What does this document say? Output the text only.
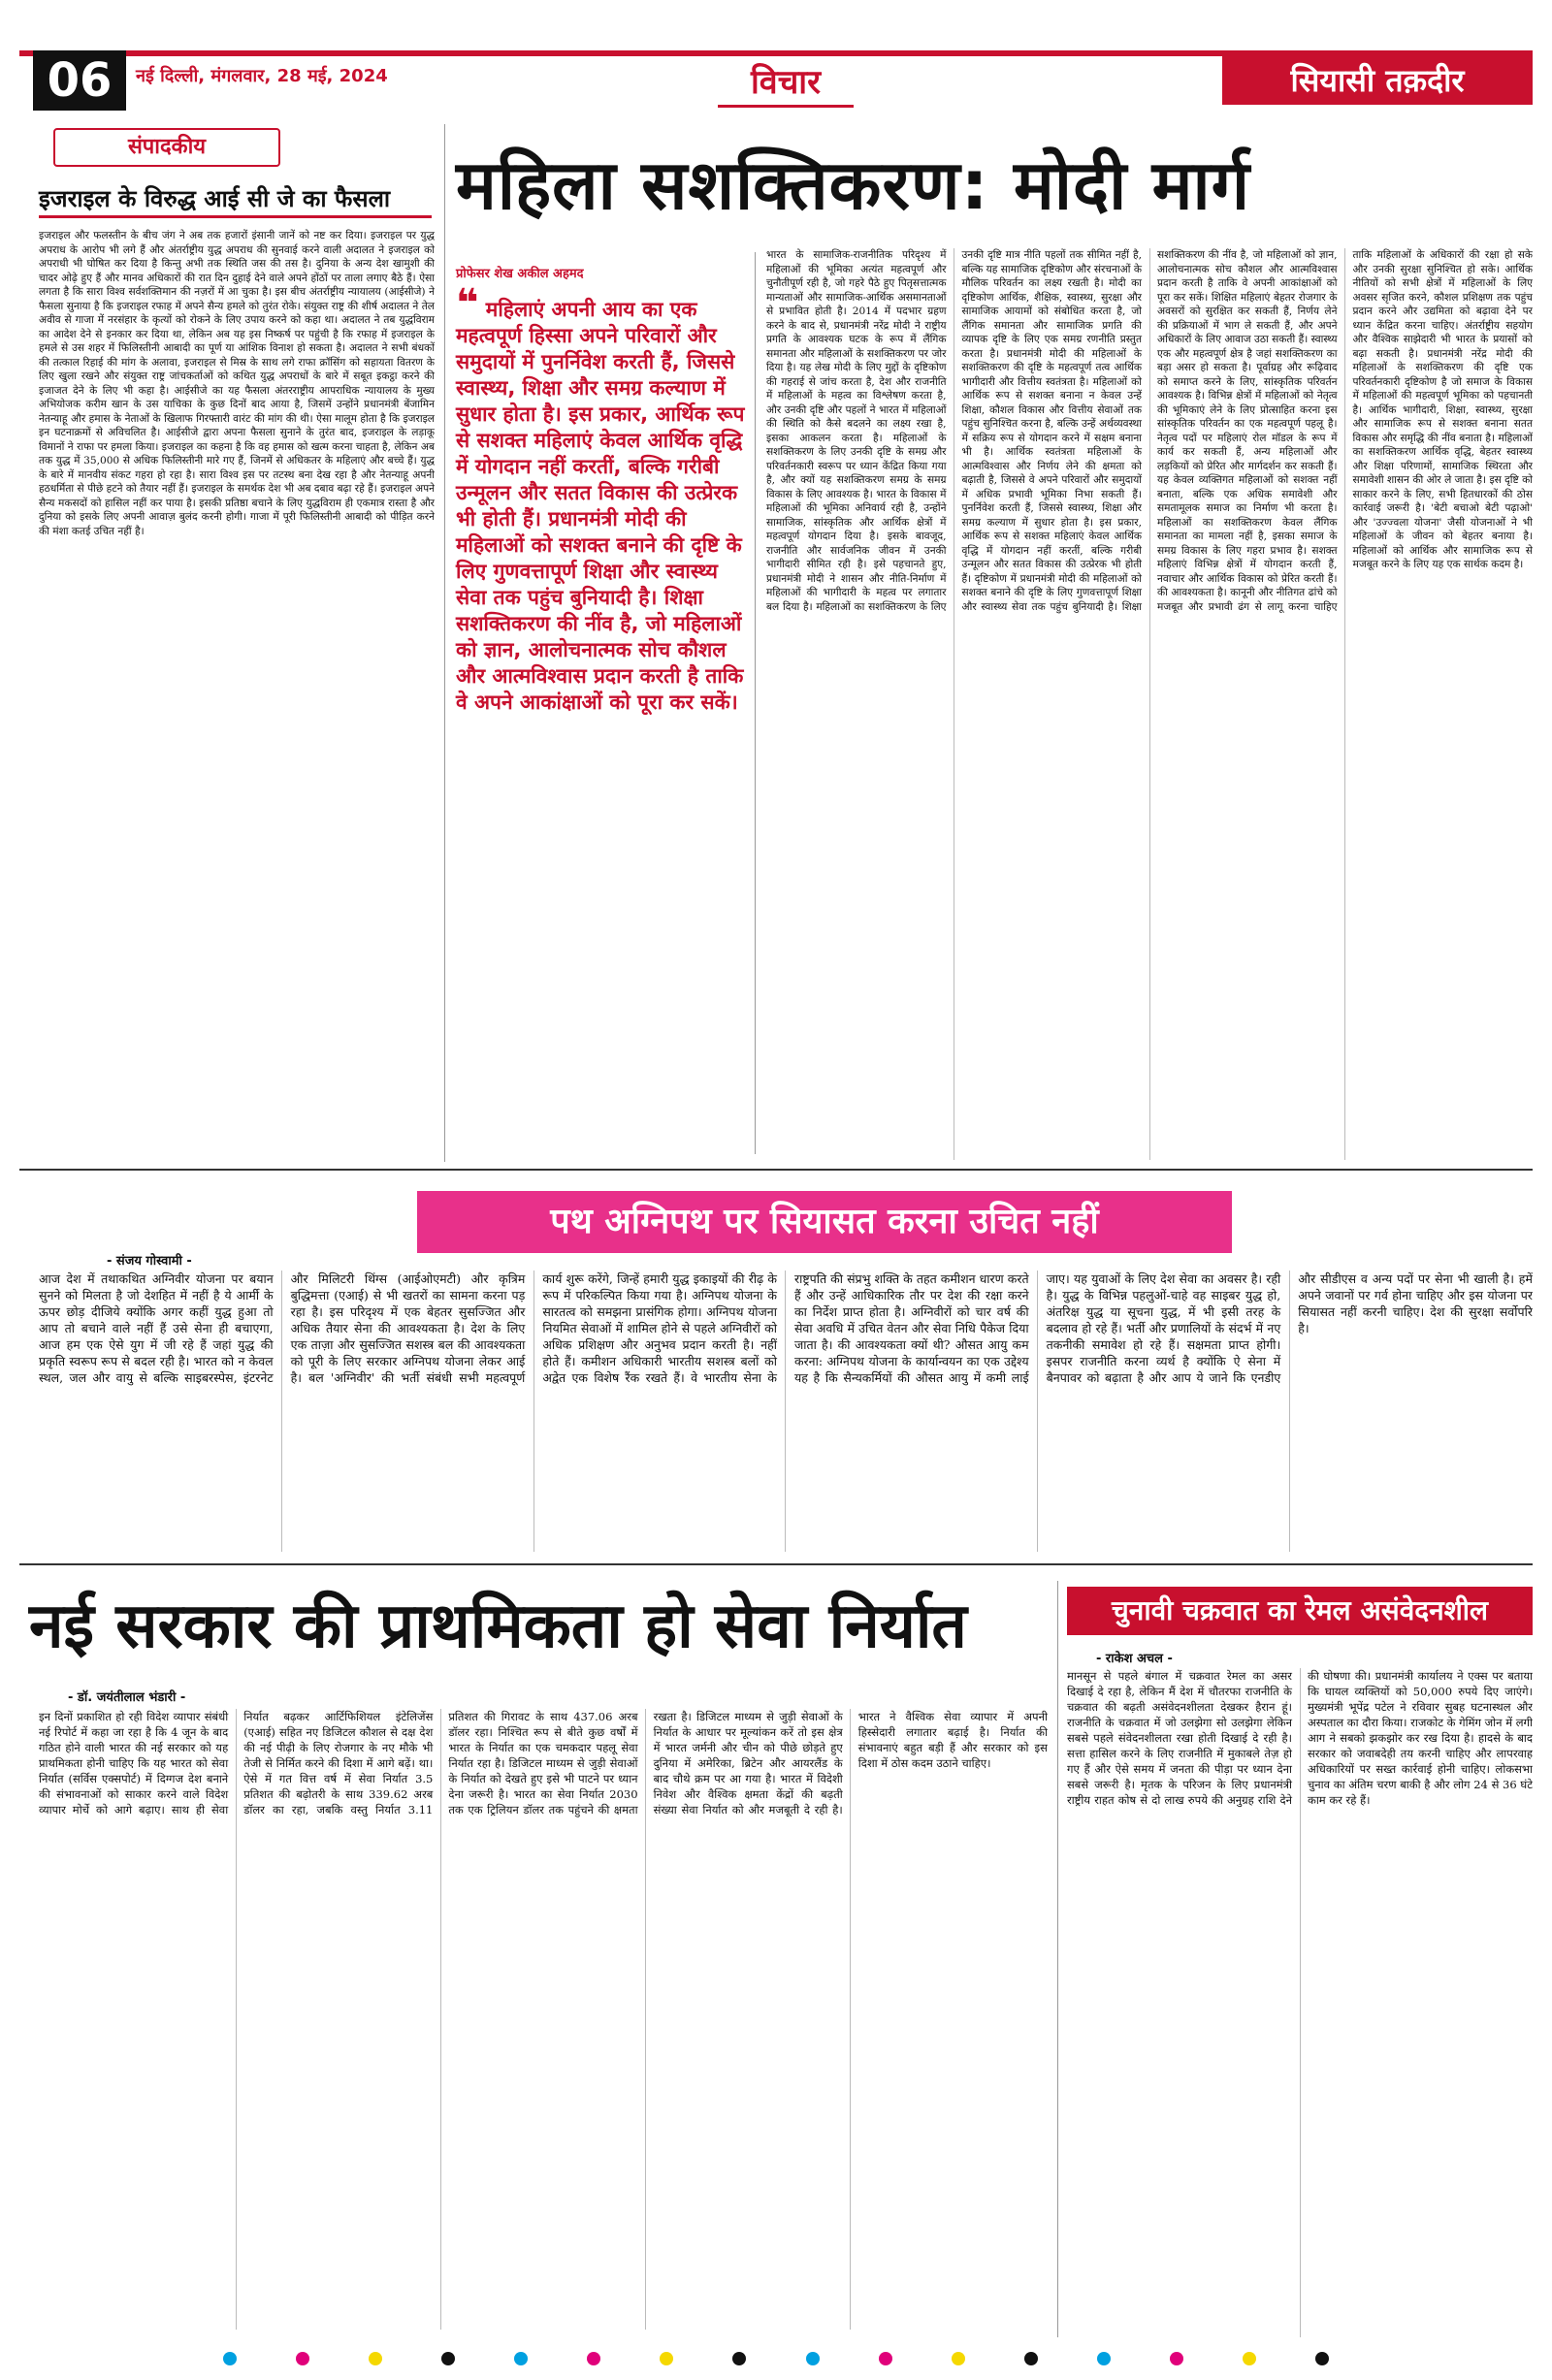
06	नई दिल्ली, मंगलवार, 28 मई, 2024	विचार	सियासी तक़दीर
संपादकीय
इजराइल के विरुद्ध आई सी जे का फैसला
इजराइल और फलस्तीन के बीच जंग ने अब तक हजारों इंसानी जानें को नष्ट कर दिया। इजराइल पर युद्ध अपराध के आरोप भी लगे हैं और अंतर्राष्ट्रीय युद्ध अपराध की सुनवाई करने वाली अदालत ने इजराइल को अपराधी भी घोषित कर दिया है किन्तु अभी तक स्थिति जस की तस है। दुनिया के अन्य देश खामुशी की चादर ओढ़े हुए हैं और मानव अधिकारों की रात दिन दुहाई देने वाले अपने होंठों पर ताला लगाए बैठे हैं। ऐसा लगता है कि सारा विश्व सर्वशक्तिमान की नज़रों में आ चुका है। इस बीच अंतर्राष्ट्रीय न्यायालय (आईसीजे) ने फैसला सुनाया है कि इजराइल रफाह में अपने सैन्य हमले को तुरंत रोके। संयुक्त राष्ट्र की शीर्ष अदालत ने तेल अवीव से गाजा में नरसंहार के कृत्यों को रोकने के लिए उपाय करने को कहा था। अदालत ने तब युद्धविराम का आदेश देने से इनकार कर दिया था, लेकिन अब यह इस निष्कर्ष पर पहुंची है कि रफाह में इजराइल के हमले से उस शहर में फिलिस्तीनी आबादी का पूर्ण या आंशिक विनाश हो सकता है। अदालत ने सभी बंधकों की तत्काल रिहाई की मांग के अलावा, इजराइल से मिस्र के साथ लगे राफा क्रॉसिंग को सहायता वितरण के लिए खुला रखने और संयुक्त राष्ट्र जांचकर्ताओं को कथित युद्ध अपराधों के बारे में सबूत इकट्ठा करने की इजाजत देने के लिए भी कहा है। आईसीजे का यह फैसला अंतरराष्ट्रीय आपराधिक न्यायालय के मुख्य अभियोजक करीम खान के उस याचिका के कुछ दिनों बाद आया है, जिसमें उन्होंने प्रधानमंत्री बेंजामिन नेतन्याहू और हमास के नेताओं के खिलाफ गिरफ्तारी वारंट की मांग की थी। ऐसा मालूम होता है कि इजराइल इन घटनाक्रमों से अविचलित है। आईसीजे द्वारा अपना फैसला सुनाने के तुरंत बाद, इजराइल के लड़ाकू विमानों ने राफा पर हमला किया। इजराइल का कहना है कि वह हमास को खत्म करना चाहता है, लेकिन अब तक युद्ध में 35,000 से अधिक फिलिस्तीनी मारे गए हैं, जिनमें से अधिकतर के महिलाएं और बच्चे हैं। युद्ध के बारे में मानवीय संकट गहरा हो रहा है। सारा विश्व इस पर तटस्थ बना देख रहा है और नेतन्याहू अपनी हठधर्मिता से पीछे हटने को तैयार नहीं हैं। इजराइल के समर्थक देश भी अब दबाव बढ़ा रहे हैं। इजराइल अपने सैन्य मकसदों को हासिल नहीं कर पाया है। इसकी प्रतिष्ठा बचाने के लिए युद्धविराम ही एकमात्र रास्ता है और दुनिया को इसके लिए अपनी आवाज़ बुलंद करनी होगी। गाजा में पूरी फिलिस्तीनी आबादी को पीड़ित करने की मंशा कतई उचित नहीं है।
महिला सशक्तिकरण: मोदी मार्ग
प्रोफेसर शेख अकील अहमद
❝ महिलाएं अपनी आय का एक महत्वपूर्ण हिस्सा अपने परिवारों और समुदायों में पुनर्निवेश करती हैं, जिससे स्वास्थ्य, शिक्षा और समग्र कल्याण में सुधार होता है। इस प्रकार, आर्थिक रूप से सशक्त महिलाएं केवल आर्थिक वृद्धि में योगदान नहीं करतीं, बल्कि गरीबी उन्मूलन और सतत विकास की उत्प्रेरक भी होती हैं। प्रधानमंत्री मोदी की महिलाओं को सशक्त बनाने की दृष्टि के लिए गुणवत्तापूर्ण शिक्षा और स्वास्थ्य सेवा तक पहुंच बुनियादी है। शिक्षा सशक्तिकरण की नींव है, जो महिलाओं को ज्ञान, आलोचनात्मक सोच कौशल और आत्मविश्वास प्रदान करती है ताकि वे अपने आकांक्षाओं को पूरा कर सकें।
भारत के सामाजिक-राजनीतिक परिदृश्य में महिलाओं की भूमिका अत्यंत महत्वपूर्ण और चुनौतीपूर्ण रही है, जो गहरे पैठे हुए पितृसत्तात्मक मान्यताओं और सामाजिक-आर्थिक असमानताओं से प्रभावित होती है। 2014 में पदभार ग्रहण करने के बाद से, प्रधानमंत्री नरेंद्र मोदी ने राष्ट्रीय प्रगति के आवश्यक घटक के रूप में लैंगिक समानता और महिलाओं के सशक्तिकरण पर जोर दिया है। यह लेख मोदी के लिए मुद्दों के दृष्टिकोण की गहराई से जांच करता है, देश और राजनीति में महिलाओं के महत्व का विश्लेषण करता है, और उनकी दृष्टि और पहलों ने भारत में महिलाओं की स्थिति को कैसे बदलने का लक्ष्य रखा है, इसका आकलन करता है। महिलाओं के सशक्तिकरण के लिए उनकी दृष्टि के समग्र और परिवर्तनकारी स्वरूप पर ध्यान केंद्रित किया गया है, और क्यों यह सशक्तिकरण समग्र के समग्र विकास के लिए आवश्यक है। भारत के विकास में महिलाओं की भूमिका अनिवार्य रही है, उन्होंने सामाजिक, सांस्कृतिक और आर्थिक क्षेत्रों में महत्वपूर्ण योगदान दिया है। इसके बावजूद, राजनीति और सार्वजनिक जीवन में उनकी भागीदारी सीमित रही है। इसे पहचानते हुए, प्रधानमंत्री मोदी ने शासन और नीति-निर्माण में महिलाओं की भागीदारी के महत्व पर लगातार बल दिया है। महिलाओं का सशक्तिकरण के लिए उनकी दृष्टि मात्र नीति पहलों तक सीमित नहीं है, बल्कि यह सामाजिक दृष्टिकोण और संरचनाओं के मौलिक परिवर्तन का लक्ष्य रखती है। मोदी का दृष्टिकोण आर्थिक, शैक्षिक, स्वास्थ्य, सुरक्षा और सामाजिक आयामों को संबोधित करता है, जो लैंगिक समानता और सामाजिक प्रगति की व्यापक दृष्टि के लिए एक समग्र रणनीति प्रस्तुत करता है। प्रधानमंत्री मोदी की महिलाओं के सशक्तिकरण की दृष्टि के महत्वपूर्ण तत्व आर्थिक भागीदारी और वित्तीय स्वतंत्रता है। महिलाओं को आर्थिक रूप से सशक्त बनाना न केवल उन्हें शिक्षा, कौशल विकास और वित्तीय सेवाओं तक पहुंच सुनिश्चित करना है, बल्कि उन्हें अर्थव्यवस्था में सक्रिय रूप से योगदान करने में सक्षम बनाना भी है। आर्थिक स्वतंत्रता महिलाओं के आत्मविश्वास और निर्णय लेने की क्षमता को बढ़ाती है, जिससे वे अपने परिवारों और समुदायों में अधिक प्रभावी भूमिका निभा सकती हैं। पुनर्निवेश करती हैं, जिससे स्वास्थ्य, शिक्षा और समग्र कल्याण में सुधार होता है। इस प्रकार, आर्थिक रूप से सशक्त महिलाएं केवल आर्थिक वृद्धि में योगदान नहीं करतीं, बल्कि गरीबी उन्मूलन और सतत विकास की उत्प्रेरक भी होती हैं। दृष्टिकोण में प्रधानमंत्री मोदी की महिलाओं को सशक्त बनाने की दृष्टि के लिए गुणवत्तापूर्ण शिक्षा और स्वास्थ्य सेवा तक पहुंच बुनियादी है। शिक्षा सशक्तिकरण की नींव है, जो महिलाओं को ज्ञान, आलोचनात्मक सोच कौशल और आत्मविश्वास प्रदान करती है ताकि वे अपनी आकांक्षाओं को पूरा कर सकें। शिक्षित महिलाएं बेहतर रोजगार के अवसरों को सुरक्षित कर सकती हैं, निर्णय लेने की प्रक्रियाओं में भाग ले सकती हैं, और अपने अधिकारों के लिए आवाज उठा सकती हैं। स्वास्थ्य एक और महत्वपूर्ण क्षेत्र है जहां सशक्तिकरण का बड़ा असर हो सकता है। पूर्वाग्रह और रूढ़िवाद को समाप्त करने के लिए, सांस्कृतिक परिवर्तन आवश्यक है। विभिन्न क्षेत्रों में महिलाओं को नेतृत्व की भूमिकाएं लेने के लिए प्रोत्साहित करना इस सांस्कृतिक परिवर्तन का एक महत्वपूर्ण पहलू है। नेतृत्व पदों पर महिलाएं रोल मॉडल के रूप में कार्य कर सकती हैं, अन्य महिलाओं और लड़कियों को प्रेरित और मार्गदर्शन कर सकती हैं। यह केवल व्यक्तिगत महिलाओं को सशक्त नहीं बनाता, बल्कि एक अधिक समावेशी और समतामूलक समाज का निर्माण भी करता है। महिलाओं का सशक्तिकरण केवल लैंगिक समानता का मामला नहीं है, इसका समाज के समग्र विकास के लिए गहरा प्रभाव है। सशक्त महिलाएं विभिन्न क्षेत्रों में योगदान करती हैं, नवाचार और आर्थिक विकास को प्रेरित करती हैं। की आवश्यकता है। कानूनी और नीतिगत ढांचे को मजबूत और प्रभावी ढंग से लागू करना चाहिए ताकि महिलाओं के अधिकारों की रक्षा हो सके और उनकी सुरक्षा सुनिश्चित हो सके। आर्थिक नीतियों को सभी क्षेत्रों में महिलाओं के लिए अवसर सृजित करने, कौशल प्रशिक्षण तक पहुंच प्रदान करने और उद्यमिता को बढ़ावा देने पर ध्यान केंद्रित करना चाहिए। अंतर्राष्ट्रीय सहयोग और वैश्विक साझेदारी भी भारत के प्रयासों को बढ़ा सकती है। प्रधानमंत्री नरेंद्र मोदी की महिलाओं के सशक्तिकरण की दृष्टि एक परिवर्तनकारी दृष्टिकोण है जो समाज के विकास में महिलाओं की महत्वपूर्ण भूमिका को पहचानती है। आर्थिक भागीदारी, शिक्षा, स्वास्थ्य, सुरक्षा और सामाजिक रूप से सशक्त बनाना सतत विकास और समृद्धि की नींव बनाता है। महिलाओं का सशक्तिकरण आर्थिक वृद्धि, बेहतर स्वास्थ्य और शिक्षा परिणामों, सामाजिक स्थिरता और समावेशी शासन की ओर ले जाता है। इस दृष्टि को साकार करने के लिए, सभी हितधारकों की ठोस कार्रवाई जरूरी है। 'बेटी बचाओ बेटी पढ़ाओ' और 'उज्ज्वला योजना' जैसी योजनाओं ने भी महिलाओं के जीवन को बेहतर बनाया है। महिलाओं को आर्थिक और सामाजिक रूप से मजबूत करने के लिए यह एक सार्थक कदम है।
पथ अग्निपथ पर सियासत करना उचित नहीं
- संजय गोस्वामी -
आज देश में तथाकथित अग्निवीर योजना पर बयान सुनने को मिलता है जो देशहित में नहीं है ये आर्मी के ऊपर छोड़ दीजिये क्योंकि अगर कहीं युद्ध हुआ तो आप तो बचाने वाले नहीं हैं उसे सेना ही बचाएगा, आज हम एक ऐसे युग में जी रहे हैं जहां युद्ध की प्रकृति स्वरूप रूप से बदल रही है। भारत को न केवल स्थल, जल और वायु से बल्कि साइबरस्पेस, इंटरनेट और मिलिटरी थिंग्स (आईओएमटी) और कृत्रिम बुद्धिमत्ता (एआई) से भी खतरों का सामना करना पड़ रहा है। इस परिदृश्य में एक बेहतर सुसज्जित और अधिक तैयार सेना की आवश्यकता है। देश के लिए एक ताज़ा और सुसज्जित सशस्त्र बल की आवश्यकता को पूरी के लिए सरकार अग्निपथ योजना लेकर आई है। बल 'अग्निवीर' की भर्ती संबंधी सभी महत्वपूर्ण कार्य शुरू करेंगे, जिन्हें हमारी युद्ध इकाइयों की रीढ़ के रूप में परिकल्पित किया गया है। अग्निपथ योजना के सारतत्व को समझना प्रासंगिक होगा। अग्निपथ योजना नियमित सेवाओं में शामिल होने से पहले अग्निवीरों को अधिक प्रशिक्षण और अनुभव प्रदान करती है। नहीं होते हैं। कमीशन अधिकारी भारतीय सशस्त्र बलों को अद्वेत एक विशेष रैंक रखते हैं। वे भारतीय सेना के राष्ट्रपति की संप्रभु शक्ति के तहत कमीशन धारण करते हैं और उन्हें आधिकारिक तौर पर देश की रक्षा करने का निर्देश प्राप्त होता है। अग्निवीरों को चार वर्ष की सेवा अवधि में उचित वेतन और सेवा निधि पैकेज दिया जाता है। की आवश्यकता क्यों थी? औसत आयु कम करना: अग्निपथ योजना के कार्यान्वयन का एक उद्देश्य यह है कि सैन्यकर्मियों की औसत आयु में कमी लाई जाए। यह युवाओं के लिए देश सेवा का अवसर है। रही है। युद्ध के विभिन्न पहलुओं-चाहे वह साइबर युद्ध हो, अंतरिक्ष युद्ध या सूचना युद्ध, में भी इसी तरह के बदलाव हो रहे हैं। भर्ती और प्रणालियों के संदर्भ में नए तकनीकी समावेश हो रहे हैं। सक्षमता प्राप्त होगी। इसपर राजनीति करना व्यर्थ है क्योंकि ऐ सेना में बैनपावर को बढ़ाता है और आप ये जाने कि एनडीए और सीडीएस व अन्य पदों पर सेना भी खाली है। हमें अपने जवानों पर गर्व होना चाहिए और इस योजना पर सियासत नहीं करनी चाहिए। देश की सुरक्षा सर्वोपरि है।
नई सरकार की प्राथमिकता हो सेवा निर्यात
- डॉ. जयंतीलाल भंडारी -
इन दिनों प्रकाशित हो रही विदेश व्यापार संबंधी नई रिपोर्ट में कहा जा रहा है कि 4 जून के बाद गठित होने वाली भारत की नई सरकार को यह प्राथमिकता होनी चाहिए कि यह भारत को सेवा निर्यात (सर्विस एक्सपोर्ट) में दिग्गज देश बनाने की संभावनाओं को साकार करने वाले विदेश व्यापार मोर्चे को आगे बढ़ाए। साथ ही सेवा निर्यात बढ़कर आर्टिफिशियल इंटेलिजेंस (एआई) सहित नए डिजिटल कौशल से दक्ष देश की नई पीढ़ी के लिए रोजगार के नए मौके भी तेजी से निर्मित करने की दिशा में आगे बढ़ें। था। ऐसे में गत वित्त वर्ष में सेवा निर्यात 3.5 प्रतिशत की बढ़ोतरी के साथ 339.62 अरब डॉलर का रहा, जबकि वस्तु निर्यात 3.11 प्रतिशत की गिरावट के साथ 437.06 अरब डॉलर रहा। निश्चित रूप से बीते कुछ वर्षों में भारत के निर्यात का एक चमकदार पहलू सेवा निर्यात रहा है। डिजिटल माध्यम से जुड़ी सेवाओं के निर्यात को देखते हुए इसे भी पाटने पर ध्यान देना जरूरी है। भारत का सेवा निर्यात 2030 तक एक ट्रिलियन डॉलर तक पहुंचने की क्षमता रखता है। डिजिटल माध्यम से जुड़ी सेवाओं के निर्यात के आधार पर मूल्यांकन करें तो इस क्षेत्र में भारत जर्मनी और चीन को पीछे छोड़ते हुए दुनिया में अमेरिका, ब्रिटेन और आयरलैंड के बाद चौथे क्रम पर आ गया है। भारत में विदेशी निवेश और वैश्विक क्षमता केंद्रों की बढ़ती संख्या सेवा निर्यात को और मजबूती दे रही है। भारत ने वैश्विक सेवा व्यापार में अपनी हिस्सेदारी लगातार बढ़ाई है। निर्यात की संभावनाएं बहुत बड़ी हैं और सरकार को इस दिशा में ठोस कदम उठाने चाहिए।
चुनावी चक्रवात का रेमल असंवेदनशील
- राकेश अचल -
मानसून से पहले बंगाल में चक्रवात रेमल का असर दिखाई दे रहा है, लेकिन मैं देश में चौतरफा राजनीति के चक्रवात की बढ़ती असंवेदनशीलता देखकर हैरान हूं। राजनीति के चक्रवात में जो उलझेगा सो उलझेगा लेकिन सबसे पहले संवेदनशीलता रखा होती दिखाई दे रही है। सत्ता हासिल करने के लिए राजनीति में मुकाबले तेज़ हो गए हैं और ऐसे समय में जनता की पीड़ा पर ध्यान देना सबसे जरूरी है। मृतक के परिजन के लिए प्रधानमंत्री राष्ट्रीय राहत कोष से दो लाख रुपये की अनुग्रह राशि देने की घोषणा की। प्रधानमंत्री कार्यालय ने एक्स पर बताया कि घायल व्यक्तियों को 50,000 रुपये दिए जाएंगे। मुख्यमंत्री भूपेंद्र पटेल ने रविवार सुबह घटनास्थल और अस्पताल का दौरा किया। राजकोट के गेमिंग जोन में लगी आग ने सबको झकझोर कर रख दिया है। हादसे के बाद सरकार को जवाबदेही तय करनी चाहिए और लापरवाह अधिकारियों पर सख्त कार्रवाई होनी चाहिए। लोकसभा चुनाव का अंतिम चरण बाकी है और लोग 24 से 36 घंटे काम कर रहे हैं।
